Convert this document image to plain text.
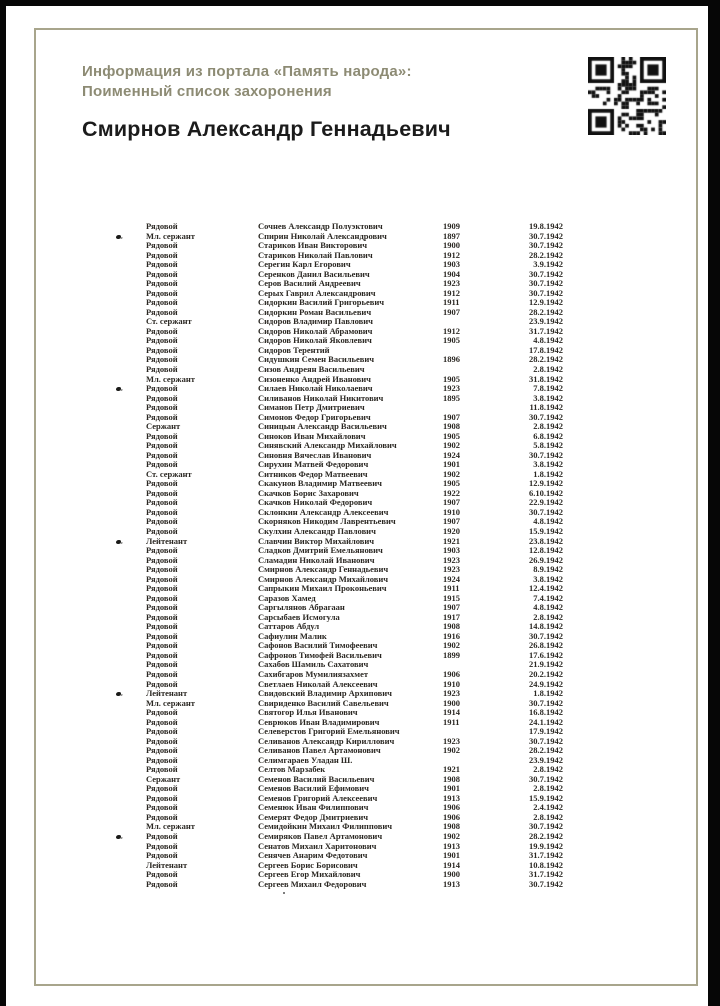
Информация из портала «Память народа»:
Поименный список захоронения
Смирнов Александр Геннадьевич
Рядовой	Сочнев Александр Полуэктович	1909	19.8.1942
Мл. сержант	Спирин Николай Александрович	1897	30.7.1942
Рядовой	Стариков Иван Викторович	1900	30.7.1942
Рядовой	Стариков Николай Павлович	1912	28.2.1942
Рядовой	Серегин Карл Егорович	1903	3.9.1942
Рядовой	Серенков Данил Васильевич	1904	30.7.1942
Рядовой	Серов Василий Андреевич	1923	30.7.1942
Рядовой	Серых Гаврил Александрович	1912	30.7.1942
Рядовой	Сидоркин Василий Григорьевич	1911	12.9.1942
Рядовой	Сидоркин Роман Васильевич	1907	28.2.1942
Ст. сержант	Сидоров Владимир Павлович	23.9.1942
Рядовой	Сидоров Николай Абрамович	1912	31.7.1942
Рядовой	Сидоров Николай Яковлевич	1905	4.8.1942
Рядовой	Сидоров Терентий	17.8.1942
Рядовой	Сидушкин Семен Васильевич	1896	28.2.1942
Рядовой	Сизов Андреян Васильевич	2.8.1942
Мл. сержант	Сизоненко Андрей Иванович	1905	31.8.1942
Рядовой	Силаев Николай Николаевич	1923	7.8.1942
Рядовой	Силиванов Николай Никитович	1895	3.8.1942
Рядовой	Симанов Петр Дмитриевич	11.8.1942
Рядовой	Симонов Федор Григорьевич	1907	30.7.1942
Сержант	Синицын Александр Васильевич	1908	2.8.1942
Рядовой	Синоков Иван Михайлович	1905	6.8.1942
Рядовой	Синявский Александр Михайлович	1902	5.8.1942
Рядовой	Синовня Вячеслав Иванович	1924	30.7.1942
Рядовой	Сирухин Матвей Федорович	1901	3.8.1942
Ст. сержант	Ситников Федор Матвеевич	1902	1.8.1942
Рядовой	Скакунов Владимир Матвеевич	1905	12.9.1942
Рядовой	Скачков Борис Захарович	1922	6.10.1942
Рядовой	Скачков Николай Федорович	1907	22.9.1942
Рядовой	Склонкин Александр Алексеевич	1910	30.7.1942
Рядовой	Скорняков Никодим Лаврентьевич	1907	4.8.1942
Рядовой	Скулхин Александр Павлович	1920	15.9.1942
Лейтенант	Славчин Виктор Михайлович	1921	23.8.1942
Рядовой	Сладков Дмитрий Емельянович	1903	12.8.1942
Рядовой	Сламадин Николай Иванович	1923	26.9.1942
Рядовой	Смирнов Александр Геннадьевич	1923	8.9.1942
Рядовой	Смирнов Александр Михайлович	1924	3.8.1942
Рядовой	Сапрыкин Михаил Проконьевич	1911	12.4.1942
Рядовой	Саразов Хамед	1915	7.4.1942
Рядовой	Саргылянов Абрагаан	1907	4.8.1942
Рядовой	Сарсыбаев Исмогула	1917	2.8.1942
Рядовой	Саттаров Абдул	1908	14.8.1942
Рядовой	Сафиулин Малик	1916	30.7.1942
Рядовой	Сафонов Василий Тимофеевич	1902	26.8.1942
Рядовой	Сафронов Тимофей Васильевич	1899	17.6.1942
Рядовой	Сахабов Шамиль Сахатович	21.9.1942
Рядовой	Сахибгаров Мумилиязахмет	1906	20.2.1942
Рядовой	Светлаев Николай Алексеевич	1910	24.9.1942
Лейтенант	Свидовский Владимир Архипович	1923	1.8.1942
Мл. сержант	Свириденко Василий Савельевич	1900	30.7.1942
Рядовой	Святогор Илья Иванович	1914	16.8.1942
Рядовой	Севрюков Иван Владимирович	1911	24.1.1942
Рядовой	Селеверстов Григорий Емельянович	17.9.1942
Рядовой	Селиванов Александр Кириллович	1923	30.7.1942
Рядовой	Селиванов Павел Артамонович	1902	28.2.1942
Рядовой	Селимгараев Уладан Ш.	23.9.1942
Рядовой	Селтов Марзабек	1921	2.8.1942
Сержант	Семенов Василий Васильевич	1908	30.7.1942
Рядовой	Семенов Василий Ефимович	1901	2.8.1942
Рядовой	Семенов Григорий Алексеевич	1913	15.9.1942
Рядовой	Семенюк Иван Филиппович	1906	2.4.1942
Рядовой	Семерят Федор Дмитриевич	1906	2.8.1942
Мл. сержант	Семидойкин Михаил Филиппович	1908	30.7.1942
Рядовой	Семиряков Павел Артамонович	1902	28.2.1942
Рядовой	Сенатов Михаил Харитонович	1913	19.9.1942
Рядовой	Сенячев Анарим Федотович	1901	31.7.1942
Лейтенант	Сергеев Борис Борисович	1914	10.8.1942
Рядовой	Сергеев Егор Михайлович	1900	31.7.1942
Рядовой	Сергеев Михаил Федорович	1913	30.7.1942
